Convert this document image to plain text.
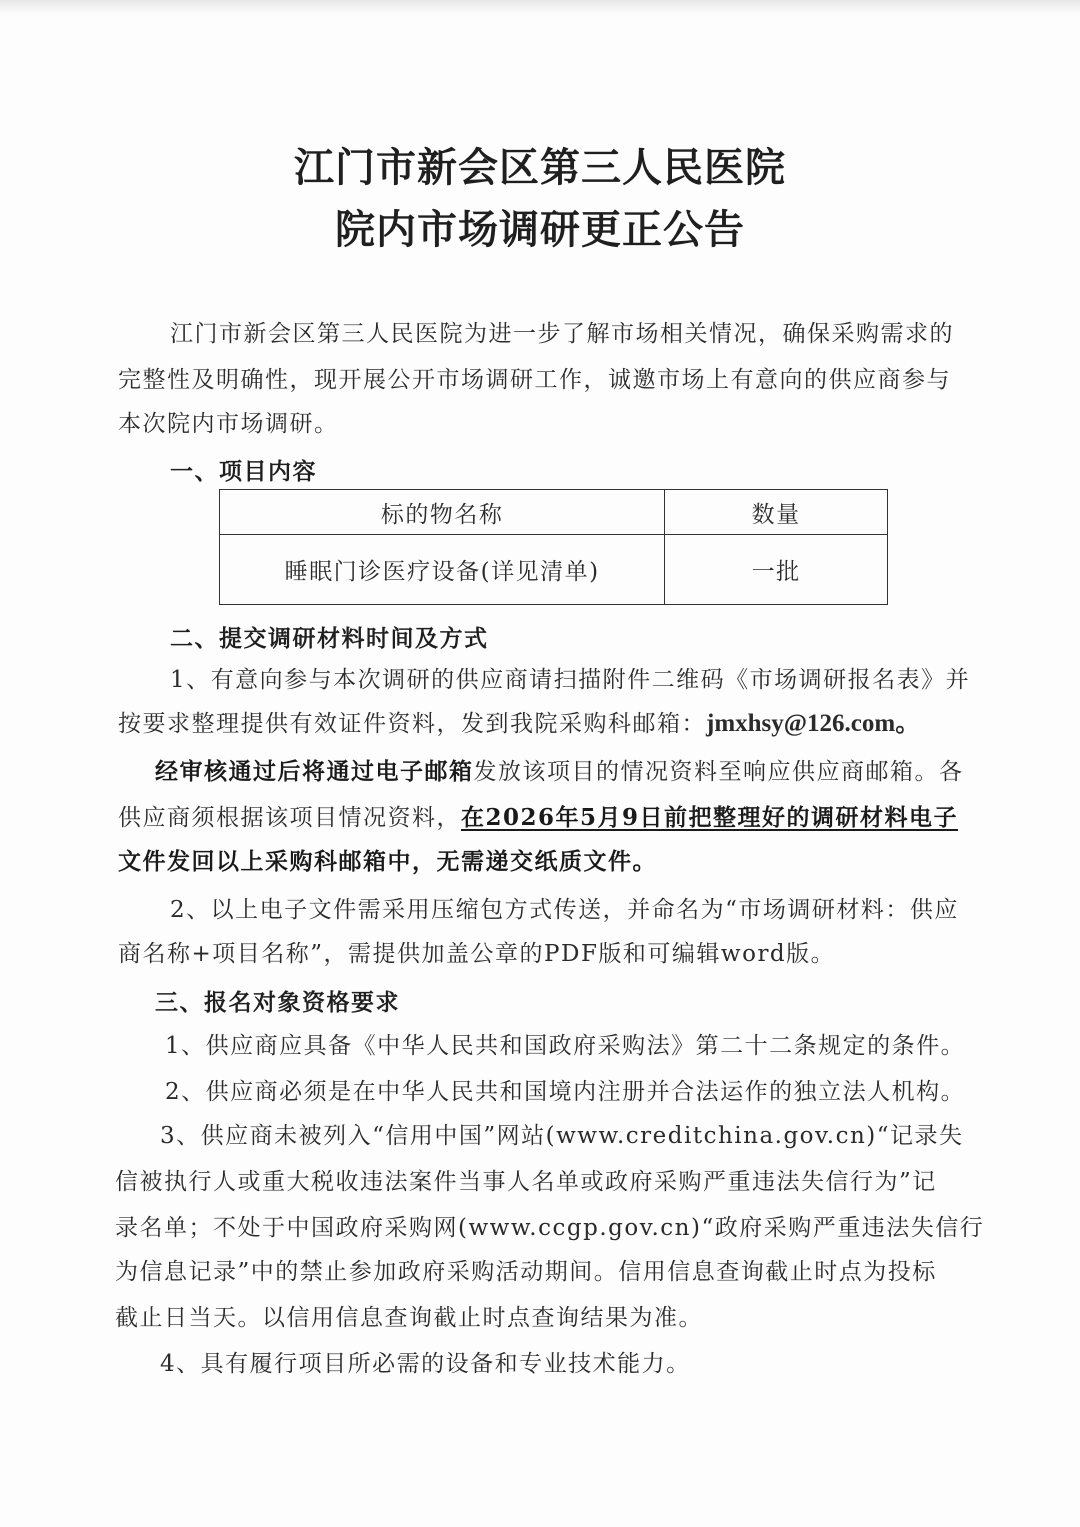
江门市新会区第三人民医院
院内市场调研更正公告
江门市新会区第三人民医院为进一步了解市场相关情况，确保采购需求的
完整性及明确性，现开展公开市场调研工作，诚邀市场上有意向的供应商参与
本次院内市场调研。
一、项目内容
标的物名称	数量
睡眠门诊医疗设备(详见清单)	一批
二、提交调研材料时间及方式
1、有意向参与本次调研的供应商请扫描附件二维码《市场调研报名表》并
按要求整理提供有效证件资料，发到我院采购科邮箱：jmxhsy@126.com。
经审核通过后将通过电子邮箱发放该项目的情况资料至响应供应商邮箱。各
供应商须根据该项目情况资料，在2026年5月9日前把整理好的调研材料电子
文件发回以上采购科邮箱中，无需递交纸质文件。
2、以上电子文件需采用压缩包方式传送，并命名为“市场调研材料：供应
商名称+项目名称”，需提供加盖公章的PDF版和可编辑word版。
三、报名对象资格要求
1、供应商应具备《中华人民共和国政府采购法》第二十二条规定的条件。
2、供应商必须是在中华人民共和国境内注册并合法运作的独立法人机构。
3、供应商未被列入“信用中国”网站(www.creditchina.gov.cn)“记录失
信被执行人或重大税收违法案件当事人名单或政府采购严重违法失信行为”记
录名单；不处于中国政府采购网(www.ccgp.gov.cn)“政府采购严重违法失信行
为信息记录”中的禁止参加政府采购活动期间。信用信息查询截止时点为投标
截止日当天。以信用信息查询截止时点查询结果为准。
4、具有履行项目所必需的设备和专业技术能力。
